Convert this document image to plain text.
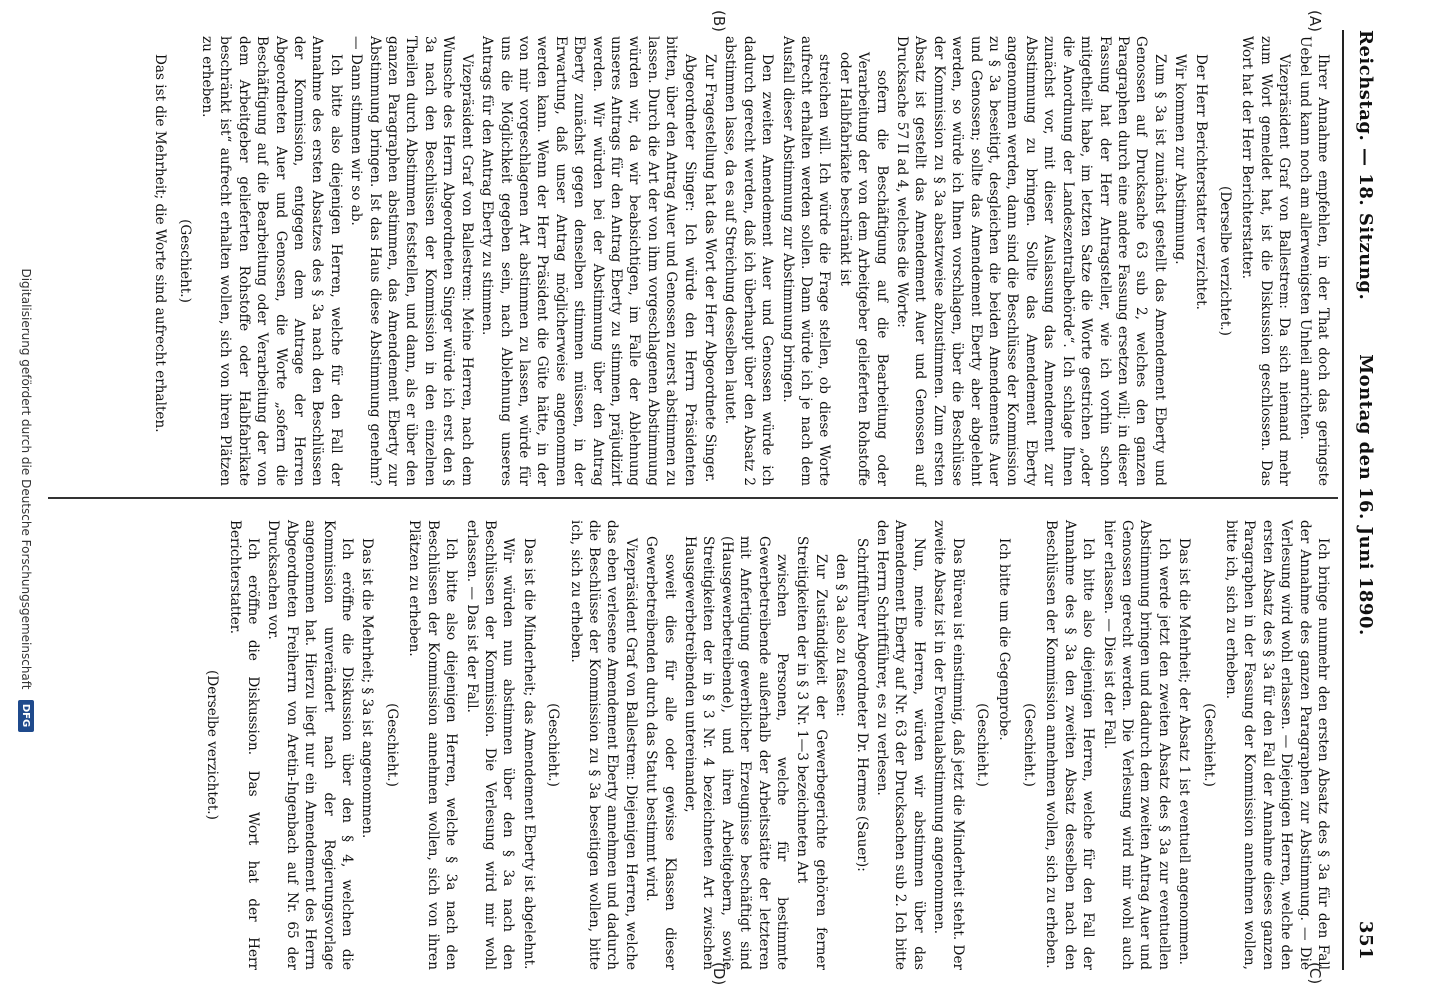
Reichstag. — 18. Sitzung.
Montag den 16. Juni 1890.
351
(A)
(B)
(C)
(D)

Ihrer Annahme empfehlen, in der That doch das geringste Uebel und kann noch am allerwenigsten Unheil anrichten.

Vizepräsident Graf von Ballestrem: Da sich niemand mehr zum Wort gemeldet hat, ist die Diskussion geschlossen. Das Wort hat der Herr Berichterstatter.

(Derselbe verzichtet.)

Der Herr Berichterstatter verzichtet.

Wir kommen zur Abstimmung.

Zum § 3a ist zunächst gestellt das Amendement Eberty und Genossen auf Drucksache 63 sub 2, welches den ganzen Paragraphen durch eine andere Fassung ersetzen will; in dieser Fassung hat der Herr Antragsteller, wie ich vorhin schon mitgetheilt habe, im letzten Satze die Worte gestrichen „oder die Anordnung der Landeszentralbehörde“. Ich schlage Ihnen zunächst vor, mit dieser Auslassung das Amendement zur Abstimmung zu bringen. Sollte das Amendement Eberty angenommen werden, dann sind die Beschlüsse der Kommission zu § 3a beseitigt, desgleichen die beiden Amendements Auer und Genossen; sollte das Amendement Eberty aber abgelehnt werden, so würde ich Ihnen vorschlagen, über die Beschlüsse der Kommission zu § 3a absatzweise abzustimmen. Zum ersten Absatz ist gestellt das Amendement Auer und Genossen auf Drucksache 57 II ad 4, welches die Worte:

sofern die Beschäftigung auf die Bearbeitung oder Verarbeitung der von dem Arbeitgeber gelieferten Rohstoffe oder Halbfabrikate beschränkt ist

streichen will. Ich würde die Frage stellen, ob diese Worte aufrecht erhalten werden sollen. Dann würde ich je nach dem Ausfall dieser Abstimmung zur Abstimmung bringen.

Den zweiten Amendement Auer und Genossen würde ich dadurch gerecht werden, daß ich überhaupt über den Absatz 2 abstimmen lasse, da es auf Streichung desselben lautet.

Zur Fragestellung hat das Wort der Herr Abgeordnete Singer.

Abgeordneter Singer: Ich würde den Herrn Präsidenten bitten, über den Antrag Auer und Genossen zuerst abstimmen zu lassen. Durch die Art der von ihm vorgeschlagenen Abstimmung würden wir, da wir beabsichtigen, im Falle der Ablehnung unseres Antrags für den Antrag Eberty zu stimmen, präjudizirt werden. Wir würden bei der Abstimmung über den Antrag Eberty zunächst gegen denselben stimmen müssen, in der Erwartung, daß unser Antrag möglicherweise angenommen werden kann. Wenn der Herr Präsident die Güte hätte, in der von mir vorgeschlagenen Art abstimmen zu lassen, würde für uns die Möglichkeit gegeben sein, nach Ablehnung unseres Antrags für den Antrag Eberty zu stimmen.

Vizepräsident Graf von Ballestrem: Meine Herren, nach dem Wunsche des Herrn Abgeordneten Singer würde ich erst den § 3a nach den Beschlüssen der Kommission in den einzelnen Theilen durch Abstimmen feststellen, und dann, als er über den ganzen Paragraphen abstimmen, das Amendement Eberty zur Abstimmung bringen. Ist das Haus diese Abstimmung genehm? — Dann stimmen wir so ab.

Ich bitte also diejenigen Herren, welche für den Fall der Annahme des ersten Absatzes des § 3a nach den Beschlüssen der Kommission, entgegen dem Antrage der Herren Abgeordneten Auer und Genossen, die Worte „sofern die Beschäftigung auf die Bearbeitung oder Verarbeitung der von dem Arbeitgeber gelieferten Rohstoffe oder Halbfabrikate beschränkt ist“ aufrecht erhalten wollen, sich von ihren Plätzen zu erheben.

(Geschieht.)

Das ist die Mehrheit; die Worte sind aufrecht erhalten.

Ich bringe nunmehr den ersten Absatz des § 3a für den Fall der Annahme des ganzen Paragraphen zur Abstimmung. — Die Verlesung wird wohl erlassen. — Diejenigen Herren, welche den ersten Absatz des § 3a für den Fall der Annahme dieses ganzen Paragraphen in der Fassung der Kommission annehmen wollen, bitte ich, sich zu erheben.

(Geschieht.)

Das ist die Mehrheit; der Absatz 1 ist eventuell angenommen.

Ich werde jetzt den zweiten Absatz des § 3a zur eventuellen Abstimmung bringen und dadurch dem zweiten Antrag Auer und Genossen gerecht werden. Die Verlesung wird mir wohl auch hier erlassen. — Dies ist der Fall.

Ich bitte also diejenigen Herren, welche für den Fall der Annahme des § 3a den zweiten Absatz desselben nach den Beschlüssen der Kommission annehmen wollen, sich zu erheben.

(Geschieht.)

Ich bitte um die Gegenprobe.

(Geschieht.)

Das Büreau ist einstimmig, daß jetzt die Minderheit steht. Der zweite Absatz ist in der Eventualabstimmung angenommen.

Nun, meine Herren, würden wir abstimmen über das Amendement Eberty auf Nr. 63 der Drucksachen sub 2. Ich bitte den Herrn Schriftführer, es zu verlesen.

Schriftführer Abgeordneter Dr. Hermes (Sauer):

den § 3a also zu fassen:

Zur Zuständigkeit der Gewerbegerichte gehören ferner Streitigkeiten der in § 3 Nr. 1—3 bezeichneten Art

zwischen Personen, welche für bestimmte Gewerbetreibende außerhalb der Arbeitsstätte der letzteren mit Anfertigung gewerblicher Erzeugnisse beschäftigt sind (Hausgewerbetreibende), und ihren Arbeitgebern, sowie Streitigkeiten der in § 3 Nr. 4 bezeichneten Art zwischen Hausgewerbetreibenden untereinander,

soweit dies für alle oder gewisse Klassen dieser Gewerbetreibenden durch das Statut bestimmt wird.

Vizepräsident Graf von Ballestrem: Diejenigen Herren, welche das eben verlesene Amendement Eberty annehmen und dadurch die Beschlüsse der Kommission zu § 3a beseitigen wollen, bitte ich, sich zu erheben.

(Geschieht.)

Das ist die Minderheit; das Amendement Eberty ist abgelehnt.

Wir würden nun abstimmen über den § 3a nach den Beschlüssen der Kommission. Die Verlesung wird mir wohl erlassen. — Das ist der Fall.

Ich bitte also diejenigen Herren, welche § 3a nach den Beschlüssen der Kommission annehmen wollen, sich von ihren Plätzen zu erheben.

(Geschieht.)

Das ist die Mehrheit; § 3a ist angenommen.

Ich eröffne die Diskussion über den § 4, welchen die Kommission unverändert nach der Regierungsvorlage angenommen hat. Hierzu liegt nur ein Amendement des Herrn Abgeordneten Freiherrn von Aretin-Ingenbach auf Nr. 65 der Drucksachen vor.

Ich eröffne die Diskussion. Das Wort hat der Herr Berichterstatter.

(Derselbe verzichtet.)

Digitalisierung gefördert durch die Deutsche Forschungsgemeinschaft
DFG
